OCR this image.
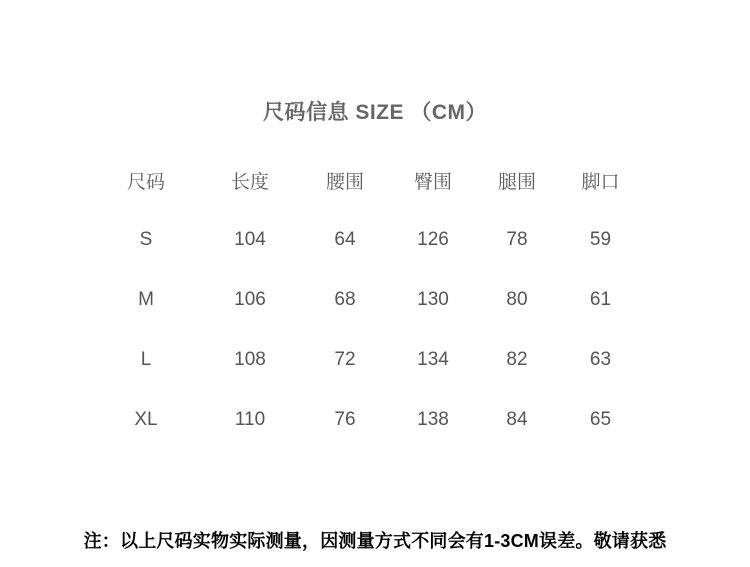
尺码信息 SIZE （CM）
尺码	长度	腰围	臀围	腿围	脚口
S	104	64	126	78	59
M	106	68	130	80	61
L	108	72	134	82	63
XL	110	76	138	84	65
注：以上尺码实物实际测量，因测量方式不同会有1-3CM误差。敬请获悉
